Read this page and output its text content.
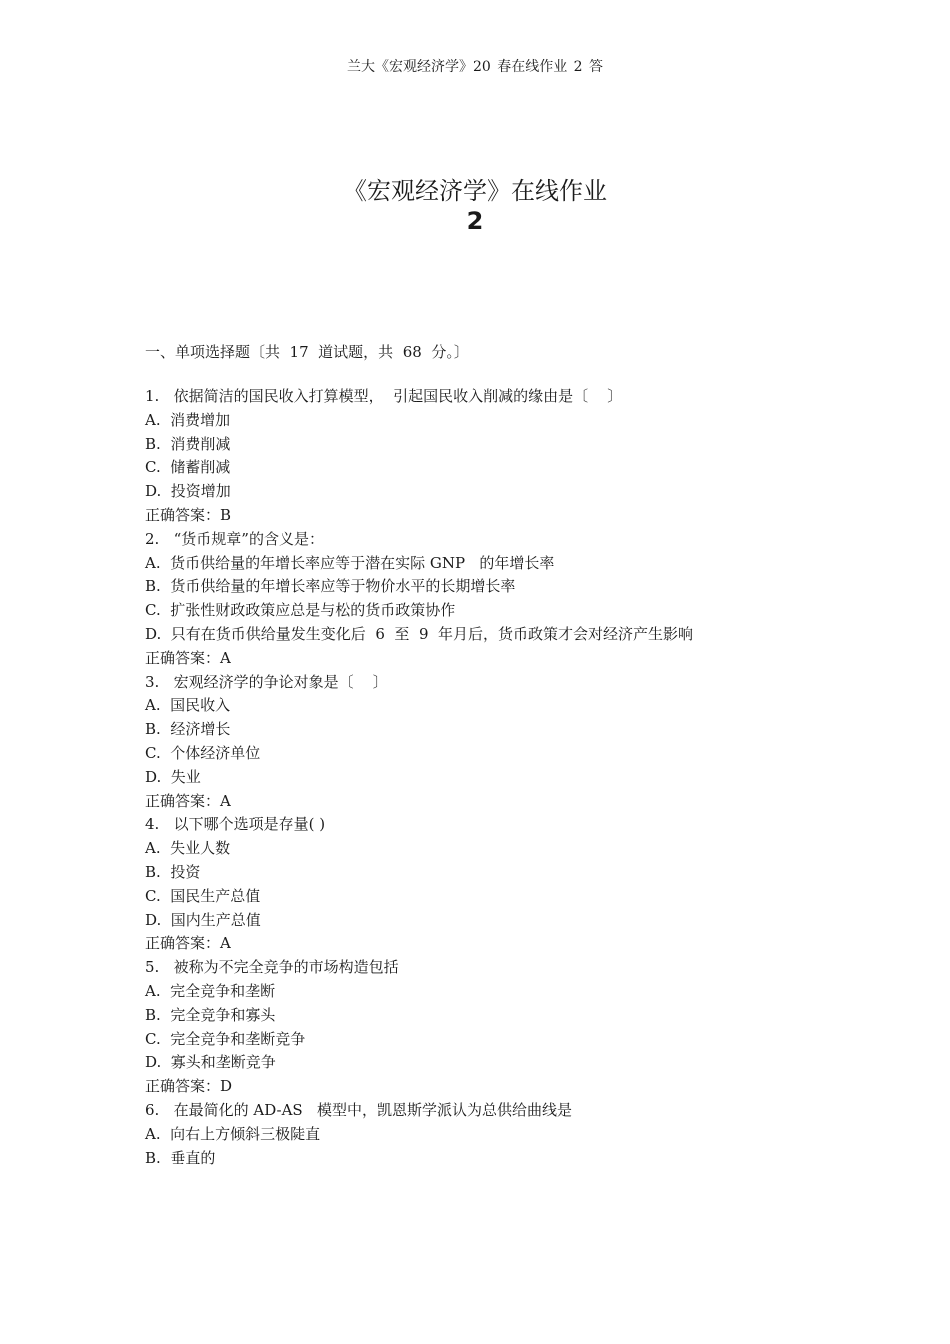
兰大《宏观经济学》20 春在线作业 2 答
《宏观经济学》在线作业
2
一、单项选择题〔共  17  道试题，共  68  分。〕
1.   依据简洁的国民收入打算模型，  引起国民收入削减的缘由是〔    〕
A.  消费增加
B.  消费削减
C.  储蓄削减
D.  投资增加
正确答案：B
2.   “货币规章”的含义是：
A.  货币供给量的年增长率应等于潜在实际 GNP   的年增长率
B.  货币供给量的年增长率应等于物价水平的长期增长率
C.  扩张性财政政策应总是与松的货币政策协作
D.  只有在货币供给量发生变化后  6  至  9  年月后，货币政策才会对经济产生影响
正确答案：A
3.   宏观经济学的争论对象是〔    〕
A.  国民收入
B.  经济增长
C.  个体经济单位
D.  失业
正确答案：A
4.   以下哪个选项是存量( )
A.  失业人数
B.  投资
C.  国民生产总值
D.  国内生产总值
正确答案：A
5.   被称为不完全竞争的市场构造包括
A.  完全竞争和垄断
B.  完全竞争和寡头
C.  完全竞争和垄断竞争
D.  寡头和垄断竞争
正确答案：D
6.   在最简化的 AD-AS   模型中，凯恩斯学派认为总供给曲线是
A.  向右上方倾斜三极陡直
B.  垂直的
